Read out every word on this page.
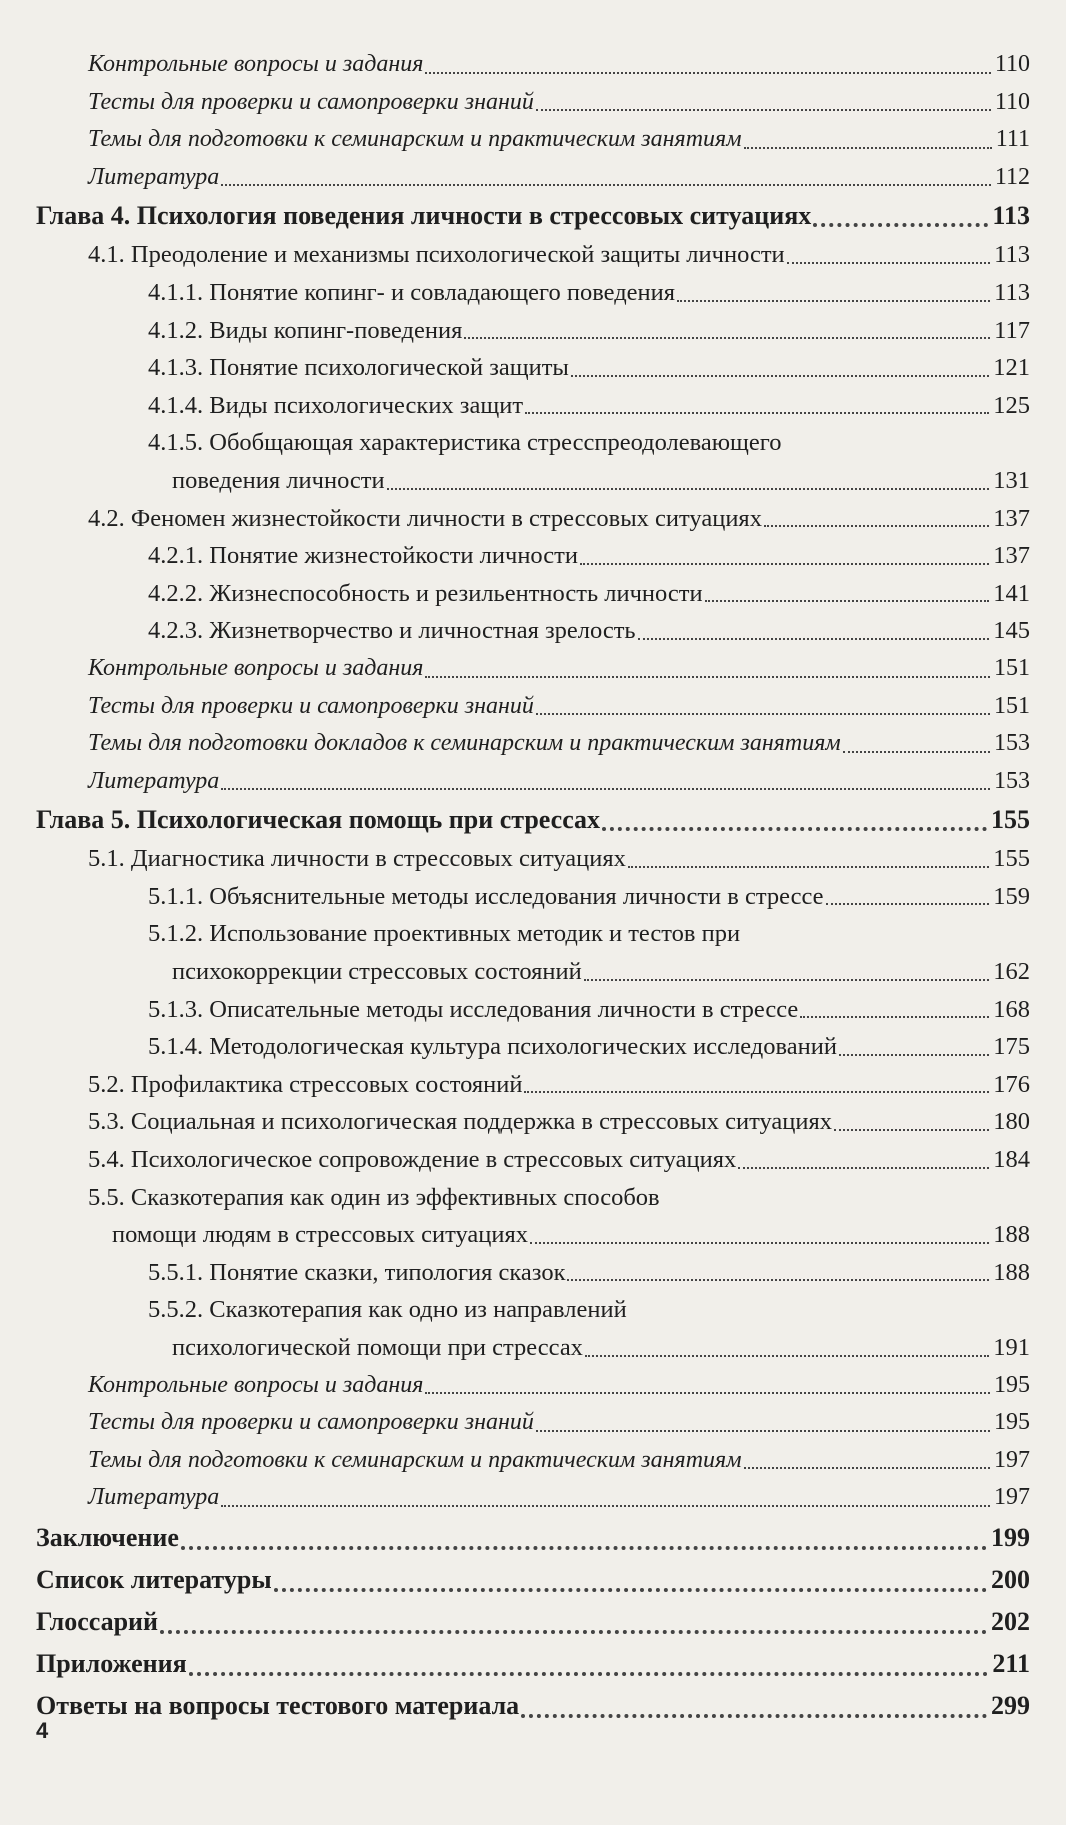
Контрольные вопросы и задания	110
Тесты для проверки и самопроверки знаний	110
Темы для подготовки к семинарским и практическим занятиям	111
Литература	112
Глава 4. Психология поведения личности в стрессовых ситуациях	113
4.1. Преодоление и механизмы психологической защиты личности	113
4.1.1. Понятие копинг- и совладающего поведения	113
4.1.2. Виды копинг-поведения	117
4.1.3. Понятие психологической защиты	121
4.1.4. Виды психологических защит	125
4.1.5. Обобщающая характеристика стресспреодолевающего
поведения личности	131
4.2. Феномен жизнестойкости личности в стрессовых ситуациях	137
4.2.1. Понятие жизнестойкости личности	137
4.2.2. Жизнеспособность и резильентность личности	141
4.2.3. Жизнетворчество и личностная зрелость	145
Контрольные вопросы и задания	151
Тесты для проверки и самопроверки знаний	151
Темы для подготовки докладов к семинарским и практическим занятиям	153
Литература	153
Глава 5. Психологическая помощь при стрессах	155
5.1. Диагностика личности в стрессовых ситуациях	155
5.1.1. Объяснительные методы исследования личности в стрессе	159
5.1.2. Использование проективных методик и тестов при
психокоррекции стрессовых состояний	162
5.1.3. Описательные методы исследования личности в стрессе	168
5.1.4. Методологическая культура психологических исследований	175
5.2. Профилактика стрессовых состояний	176
5.3. Социальная и психологическая поддержка в стрессовых ситуациях	180
5.4. Психологическое сопровождение в стрессовых ситуациях	184
5.5. Сказкотерапия как один из эффективных способов
помощи людям в стрессовых ситуациях	188
5.5.1. Понятие сказки, типология сказок	188
5.5.2. Сказкотерапия как одно из направлений
психологической помощи при стрессах	191
Контрольные вопросы и задания	195
Тесты для проверки и самопроверки знаний	195
Темы для подготовки к семинарским и практическим занятиям	197
Литература	197
Заключение	199
Список литературы	200
Глоссарий	202
Приложения	211
Ответы на вопросы тестового материала	299
4
